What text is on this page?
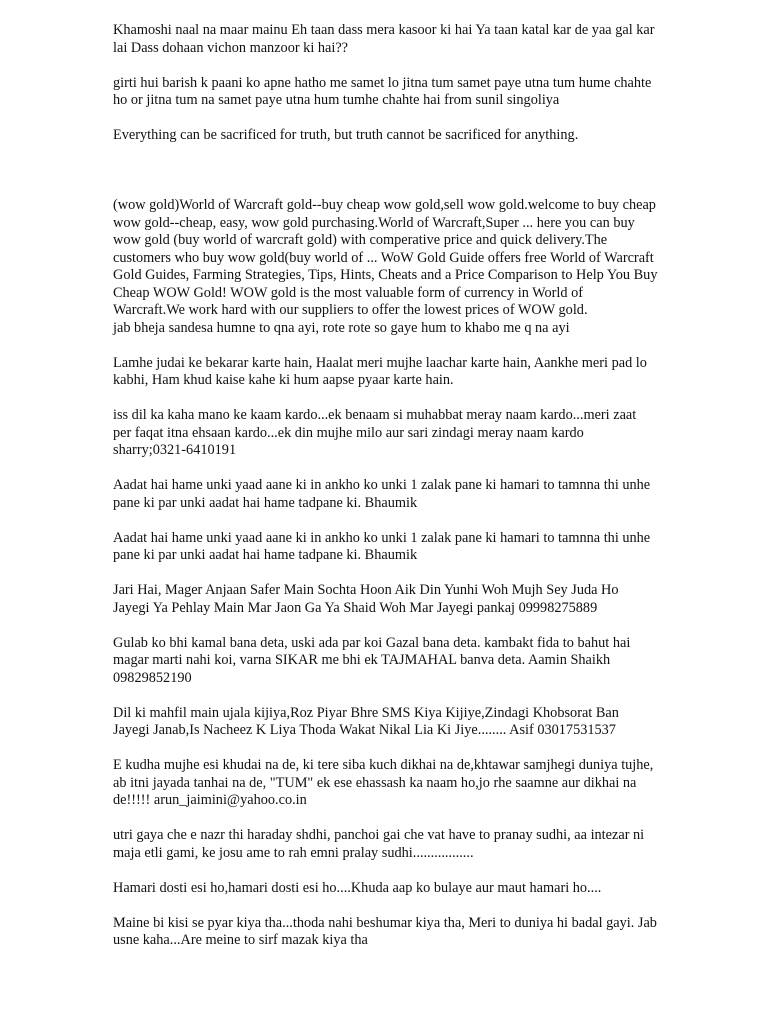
Khamoshi naal na maar mainu Eh taan dass mera kasoor ki hai Ya taan katal kar de yaa gal kar lai Dass dohaan vichon manzoor ki hai??

girti hui barish k paani ko apne hatho me samet lo jitna tum samet paye utna tum hume chahte ho or jitna tum na samet paye utna hum tumhe chahte hai from sunil singoliya

Everything can be sacrificed for truth, but truth cannot be sacrificed for anything.

(wow gold)World of Warcraft gold--buy cheap wow gold,sell wow gold.welcome to buy cheap wow gold--cheap, easy, wow gold purchasing.World of Warcraft,Super ... here you can buy wow gold (buy world of warcraft gold) with comperative price and quick delivery.The customers who buy wow gold(buy world of ... WoW Gold Guide offers free World of Warcraft Gold Guides, Farming Strategies, Tips, Hints, Cheats and a Price Comparison to Help You Buy Cheap WOW Gold! WOW gold is the most valuable form of currency in World of Warcraft.We work hard with our suppliers to offer the lowest prices of WOW gold.

jab bheja sandesa humne to qna ayi, rote rote so gaye hum to khabo me q na ayi

Lamhe judai ke bekarar karte hain, Haalat meri mujhe laachar karte hain, Aankhe meri pad lo kabhi, Ham khud kaise kahe ki hum aapse pyaar karte hain.

iss dil ka kaha mano ke kaam kardo...ek benaam si muhabbat meray naam kardo...meri zaat per faqat itna ehsaan kardo...ek din mujhe milo aur sari zindagi meray naam kardo sharry;0321-6410191

Aadat hai hame unki yaad aane ki in ankho ko unki 1 zalak pane ki hamari to tamnna thi unhe pane ki par unki aadat hai hame tadpane ki. Bhaumik

Aadat hai hame unki yaad aane ki in ankho ko unki 1 zalak pane ki hamari to tamnna thi unhe pane ki par unki aadat hai hame tadpane ki. Bhaumik

Jari Hai, Mager Anjaan Safer Main Sochta Hoon Aik Din Yunhi Woh Mujh Sey Juda Ho Jayegi Ya Pehlay Main Mar Jaon Ga Ya Shaid Woh Mar Jayegi pankaj 09998275889

Gulab ko bhi kamal bana deta, uski ada par koi Gazal bana deta. kambakt fida to bahut hai magar marti nahi koi, varna SIKAR me bhi ek TAJMAHAL banva deta. Aamin Shaikh 09829852190

Dil ki mahfil main ujala kijiya,Roz Piyar Bhre SMS Kiya Kijiye,Zindagi Khobsorat Ban Jayegi Janab,Is Nacheez K Liya Thoda Wakat Nikal Lia Ki Jiye........ Asif 03017531537

E kudha mujhe esi khudai na de, ki tere siba kuch dikhai na de,khtawar samjhegi duniya tujhe, ab itni jayada tanhai na de, "TUM" ek ese ehassash ka naam ho,jo rhe saamne aur dikhai na de!!!!! arun_jaimini@yahoo.co.in

utri gaya che e nazr thi haraday shdhi, panchoi gai che vat have to pranay sudhi, aa intezar ni maja etli gami, ke josu ame to rah emni pralay sudhi.................

Hamari dosti esi ho,hamari dosti esi ho....Khuda aap ko bulaye aur maut hamari ho....

Maine bi kisi se pyar kiya tha...thoda nahi beshumar kiya tha, Meri to duniya hi badal gayi. Jab usne kaha...Are meine to sirf mazak kiya tha
